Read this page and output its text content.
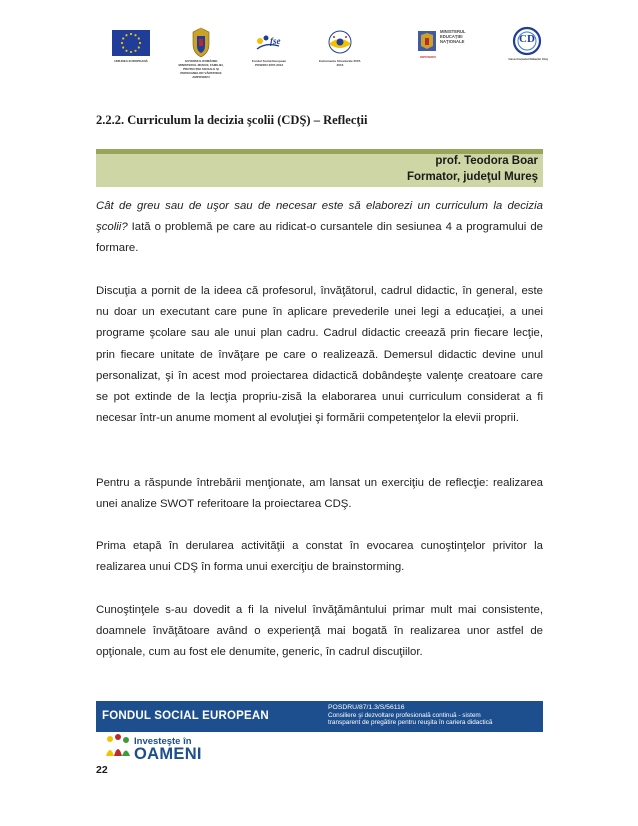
UNIUNEA EUROPEANĂ	GUVERNUL ROMÂNIEI MINISTERUL MUNCII, FAMILIEI, PROTECȚIEI SOCIALE ȘI PERSOANELOR VÂRSTNICE AMPOSDRU
fse
Fondul Social European POSDRU 2007-2013
Instrumente Structurale 2007-2013
MINISTERUL EDUCAȚIEI NAȚIONALE
OIPOSDRU
CD
Casa Corpului Didactic Cluj
2.2.2. Curriculum la decizia şcolii (CDŞ) – Reflecţii
prof. Teodora Boar
Formator, judeţul Mureş

Cât de greu sau de uşor sau de necesar este să elaborezi un curriculum la decizia şcolii? Iată o problemă pe care au ridicat-o cursantele din sesiunea 4 a programului de formare.

Discuţia a pornit de la ideea că profesorul, învăţătorul, cadrul didactic, în general, este nu doar un executant care pune în aplicare prevederile unei legi a educaţiei, a unei programe şcolare sau ale unui plan cadru. Cadrul didactic creează prin fiecare lecţie, prin fiecare unitate de învăţare pe care o realizează. Demersul didactic devine unul personalizat, şi în acest mod proiectarea didactică dobândeşte valenţe creatoare care se pot extinde de la lecţia propriu-zisă la elaborarea unui curriculum considerat a fi necesar într-un anume moment al evoluţiei şi formării competenţelor la elevii proprii.

Pentru a răspunde întrebării menţionate, am lansat un exerciţiu de reflecţie: realizarea unei analize SWOT referitoare la proiectarea CDŞ.

Prima etapă în derularea activităţii a constat în evocarea cunoştinţelor privitor la realizarea unui CDŞ în forma unui exerciţiu de brainstorming.

Cunoştinţele s-au dovedit a fi la nivelul învăţământului primar mult mai consistente, doamnele învăţătoare având o experienţă mai bogată în realizarea unor astfel de opţionale, cum au fost ele denumite, generic, în cadrul discuţiilor.

FONDUL SOCIAL EUROPEAN
POSDRU/87/1.3/S/56116
Consiliere şi dezvoltare profesională continuă - sistem
transparent de pregătire pentru reuşita în cariera didactică
Investeşte în
OAMENI
22
